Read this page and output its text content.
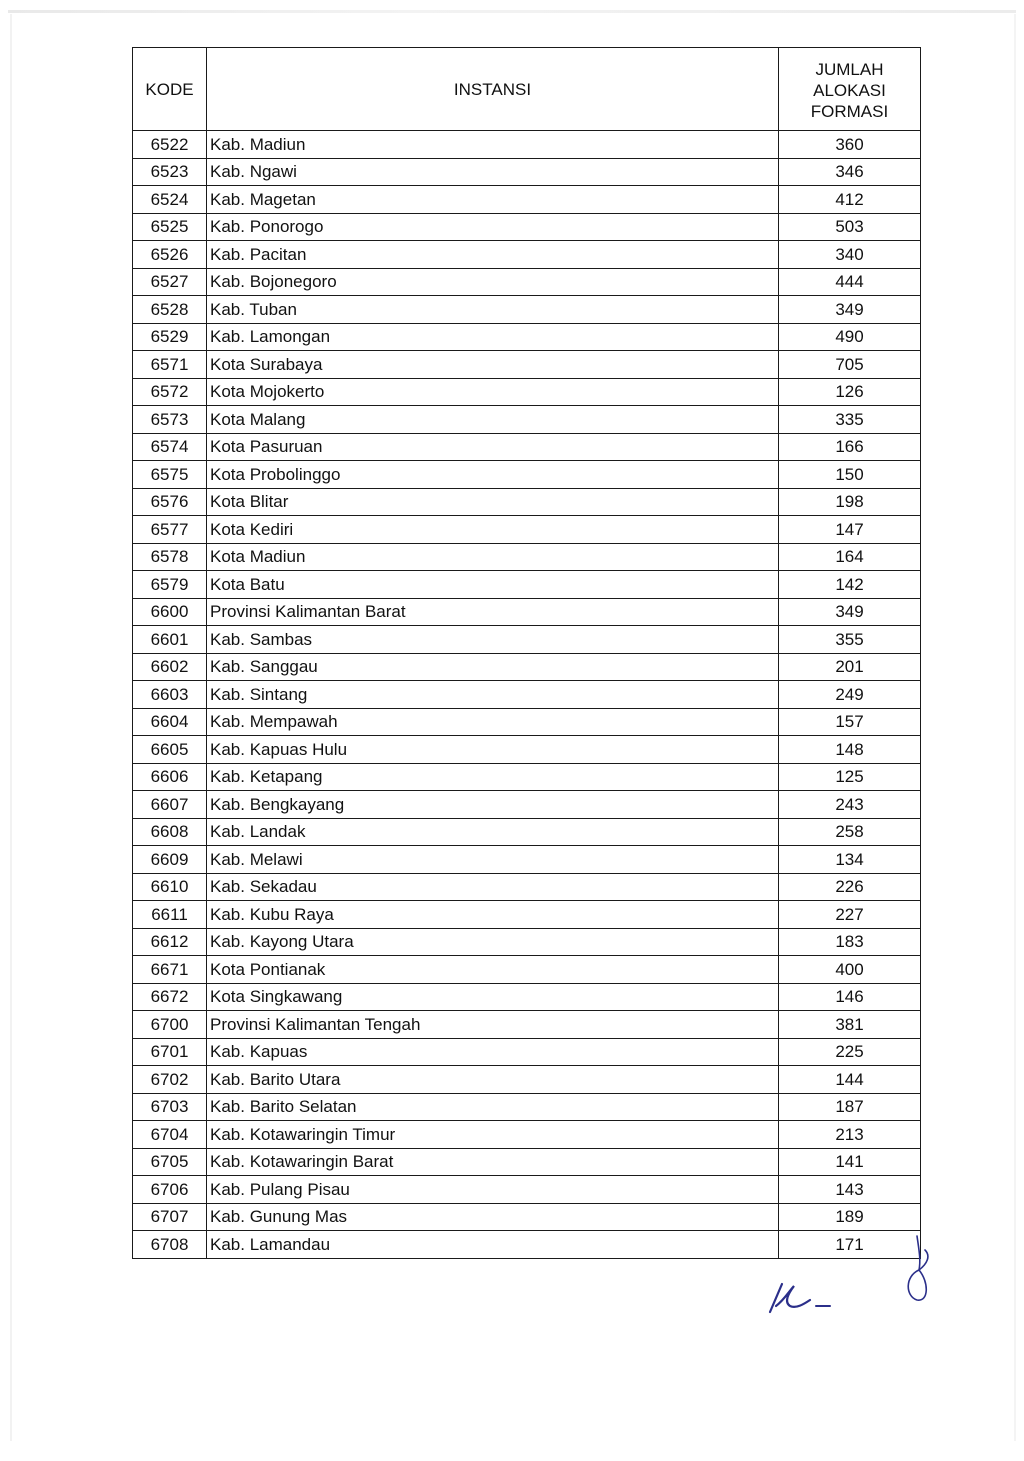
KODE	INSTANSI	JUMLAH
ALOKASI
FORMASI

6522	Kab. Madiun	360
6523	Kab. Ngawi	346
6524	Kab. Magetan	412
6525	Kab. Ponorogo	503
6526	Kab. Pacitan	340
6527	Kab. Bojonegoro	444
6528	Kab. Tuban	349
6529	Kab. Lamongan	490
6571	Kota Surabaya	705
6572	Kota Mojokerto	126
6573	Kota Malang	335
6574	Kota Pasuruan	166
6575	Kota Probolinggo	150
6576	Kota Blitar	198
6577	Kota Kediri	147
6578	Kota Madiun	164
6579	Kota Batu	142
6600	Provinsi Kalimantan Barat	349
6601	Kab. Sambas	355
6602	Kab. Sanggau	201
6603	Kab. Sintang	249
6604	Kab. Mempawah	157
6605	Kab. Kapuas Hulu	148
6606	Kab. Ketapang	125
6607	Kab. Bengkayang	243
6608	Kab. Landak	258
6609	Kab. Melawi	134
6610	Kab. Sekadau	226
6611	Kab. Kubu Raya	227
6612	Kab. Kayong Utara	183
6671	Kota Pontianak	400
6672	Kota Singkawang	146
6700	Provinsi Kalimantan Tengah	381
6701	Kab. Kapuas	225
6702	Kab. Barito Utara	144
6703	Kab. Barito Selatan	187
6704	Kab. Kotawaringin Timur	213
6705	Kab. Kotawaringin Barat	141
6706	Kab. Pulang Pisau	143
6707	Kab. Gunung Mas	189
6708	Kab. Lamandau	171
